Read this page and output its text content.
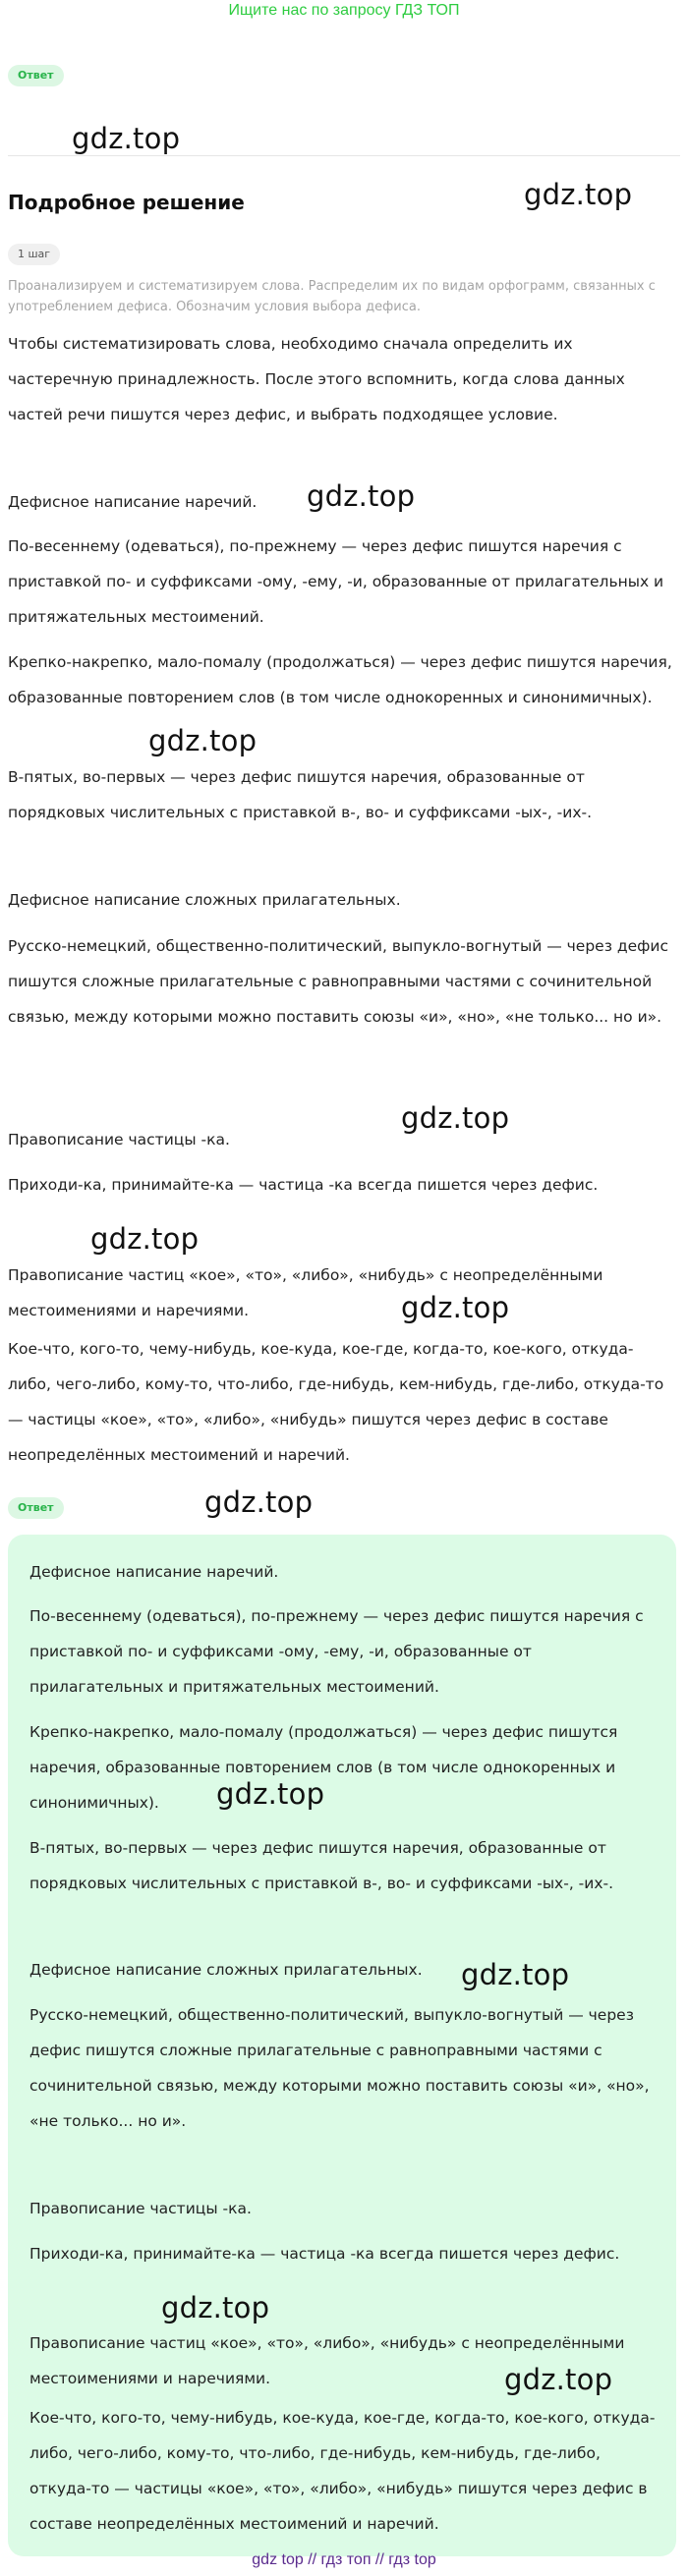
Ищите нас по запросу ГДЗ ТОП
Ответ
gdz.top
Подробное решение	gdz.top
1 шаг
Проанализируем и систематизируем слова. Распределим их по видам орфограмм, связанных с употреблением дефиса. Обозначим условия выбора дефиса.

Чтобы систематизировать слова, необходимо сначала определить их частеречную принадлежность. После этого вспомнить, когда слова данных частей речи пишутся через дефис, и выбрать подходящее условие.

Дефисное написание наречий.	gdz.top

По-весеннему (одеваться), по-прежнему — через дефис пишутся наречия с приставкой по- и суффиксами -ому, -ему, -и, образованные от прилагательных и притяжательных местоимений.

Крепко-накрепко, мало-помалу (продолжаться) — через дефис пишутся наречия, образованные повторением слов (в том числе однокоренных и синонимичных).

gdz.top

В-пятых, во-первых — через дефис пишутся наречия, образованные от порядковых числительных с приставкой в-, во- и суффиксами -ых-, -их-.

Дефисное написание сложных прилагательных.

Русско-немецкий, общественно-политический, выпукло-вогнутый — через дефис пишутся сложные прилагательные с равноправными частями с сочинительной связью, между которыми можно поставить союзы «и», «но», «не только... но и».

gdz.top

Правописание частицы -ка.

Приходи-ка, принимайте-ка — частица -ка всегда пишется через дефис.

gdz.top

Правописание частиц «кое», «то», «либо», «нибудь» с неопределёнными местоимениями и наречиями.	gdz.top

Кое-что, кого-то, чему-нибудь, кое-куда, кое-где, когда-то, кое-кого, откуда-либо, чего-либо, кому-то, что-либо, где-нибудь, кем-нибудь, где-либо, откуда-то — частицы «кое», «то», «либо», «нибудь» пишутся через дефис в составе неопределённых местоимений и наречий.

Ответ	gdz.top

Дефисное написание наречий.

По-весеннему (одеваться), по-прежнему — через дефис пишутся наречия с приставкой по- и суффиксами -ому, -ему, -и, образованные от прилагательных и притяжательных местоимений.

Крепко-накрепко, мало-помалу (продолжаться) — через дефис пишутся наречия, образованные повторением слов (в том числе однокоренных и синонимичных).	gdz.top

В-пятых, во-первых — через дефис пишутся наречия, образованные от порядковых числительных с приставкой в-, во- и суффиксами -ых-, -их-.

Дефисное написание сложных прилагательных.	gdz.top

Русско-немецкий, общественно-политический, выпукло-вогнутый — через дефис пишутся сложные прилагательные с равноправными частями с сочинительной связью, между которыми можно поставить союзы «и», «но», «не только... но и».

Правописание частицы -ка.

Приходи-ка, принимайте-ка — частица -ка всегда пишется через дефис.

gdz.top

Правописание частиц «кое», «то», «либо», «нибудь» с неопределёнными местоимениями и наречиями.	gdz.top

Кое-что, кого-то, чему-нибудь, кое-куда, кое-где, когда-то, кое-кого, откуда-либо, чего-либо, кому-то, что-либо, где-нибудь, кем-нибудь, где-либо, откуда-то — частицы «кое», «то», «либо», «нибудь» пишутся через дефис в составе неопределённых местоимений и наречий.

gdz top // гдз топ // гдз top
